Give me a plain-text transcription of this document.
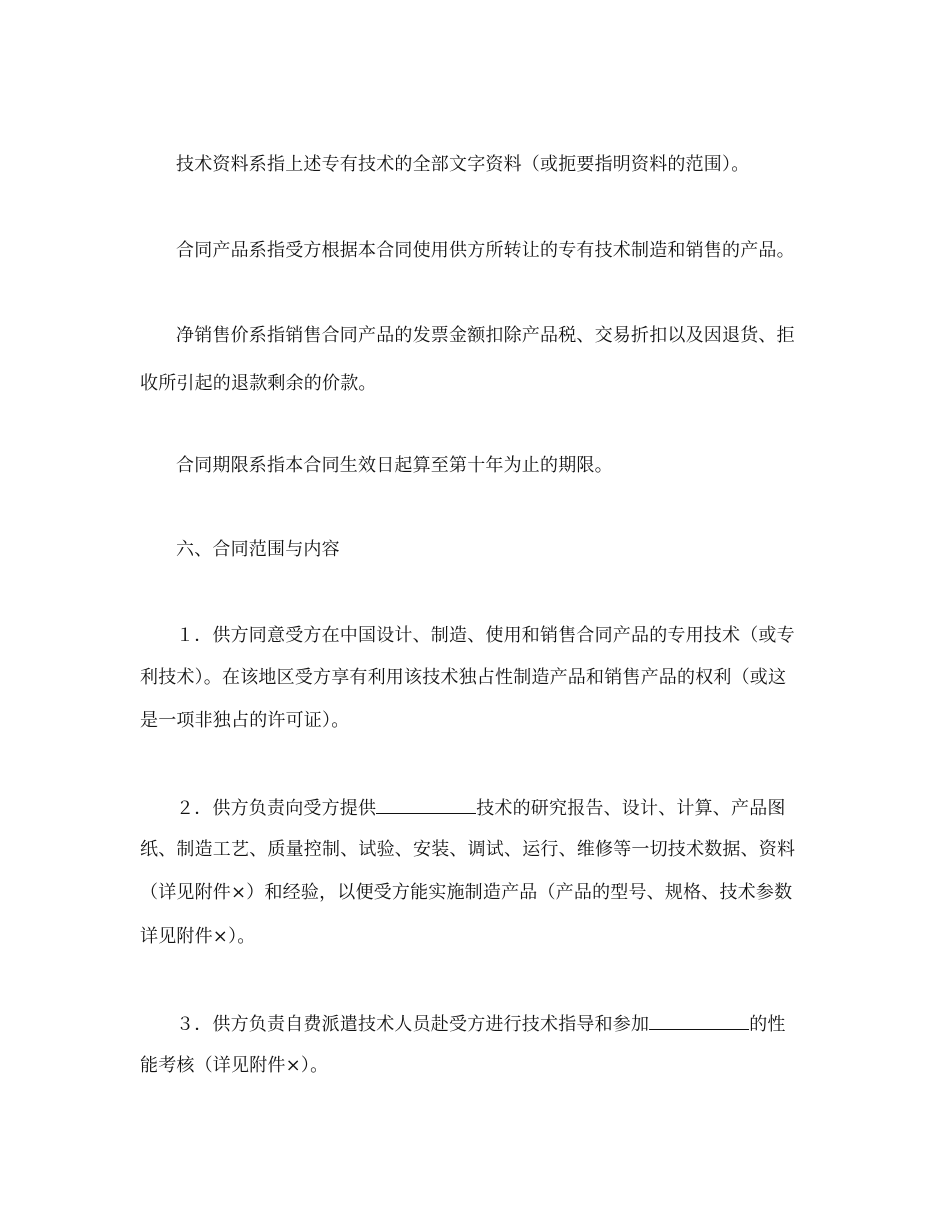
技术资料系指上述专有技术的全部文字资料（或扼要指明资料的范围）。
合同产品系指受方根据本合同使用供方所转让的专有技术制造和销售的产品。
净销售价系指销售合同产品的发票金额扣除产品税、交易折扣以及因退货、拒
收所引起的退款剩余的价款。
合同期限系指本合同生效日起算至第十年为止的期限。
六、合同范围与内容
１．供方同意受方在中国设计、制造、使用和销售合同产品的专用技术（或专
利技术）。在该地区受方享有利用该技术独占性制造产品和销售产品的权利（或这
是一项非独占的许可证）。
２．供方负责向受方提供	技术的研究报告、设计、计算、产品图
纸、制造工艺、质量控制、试验、安装、调试、运行、维修等一切技术数据、资料
（详见附件×）和经验，以便受方能实施制造产品（产品的型号、规格、技术参数
详见附件×）。
３．供方负责自费派遣技术人员赴受方进行技术指导和参加	的性
能考核（详见附件×）。
